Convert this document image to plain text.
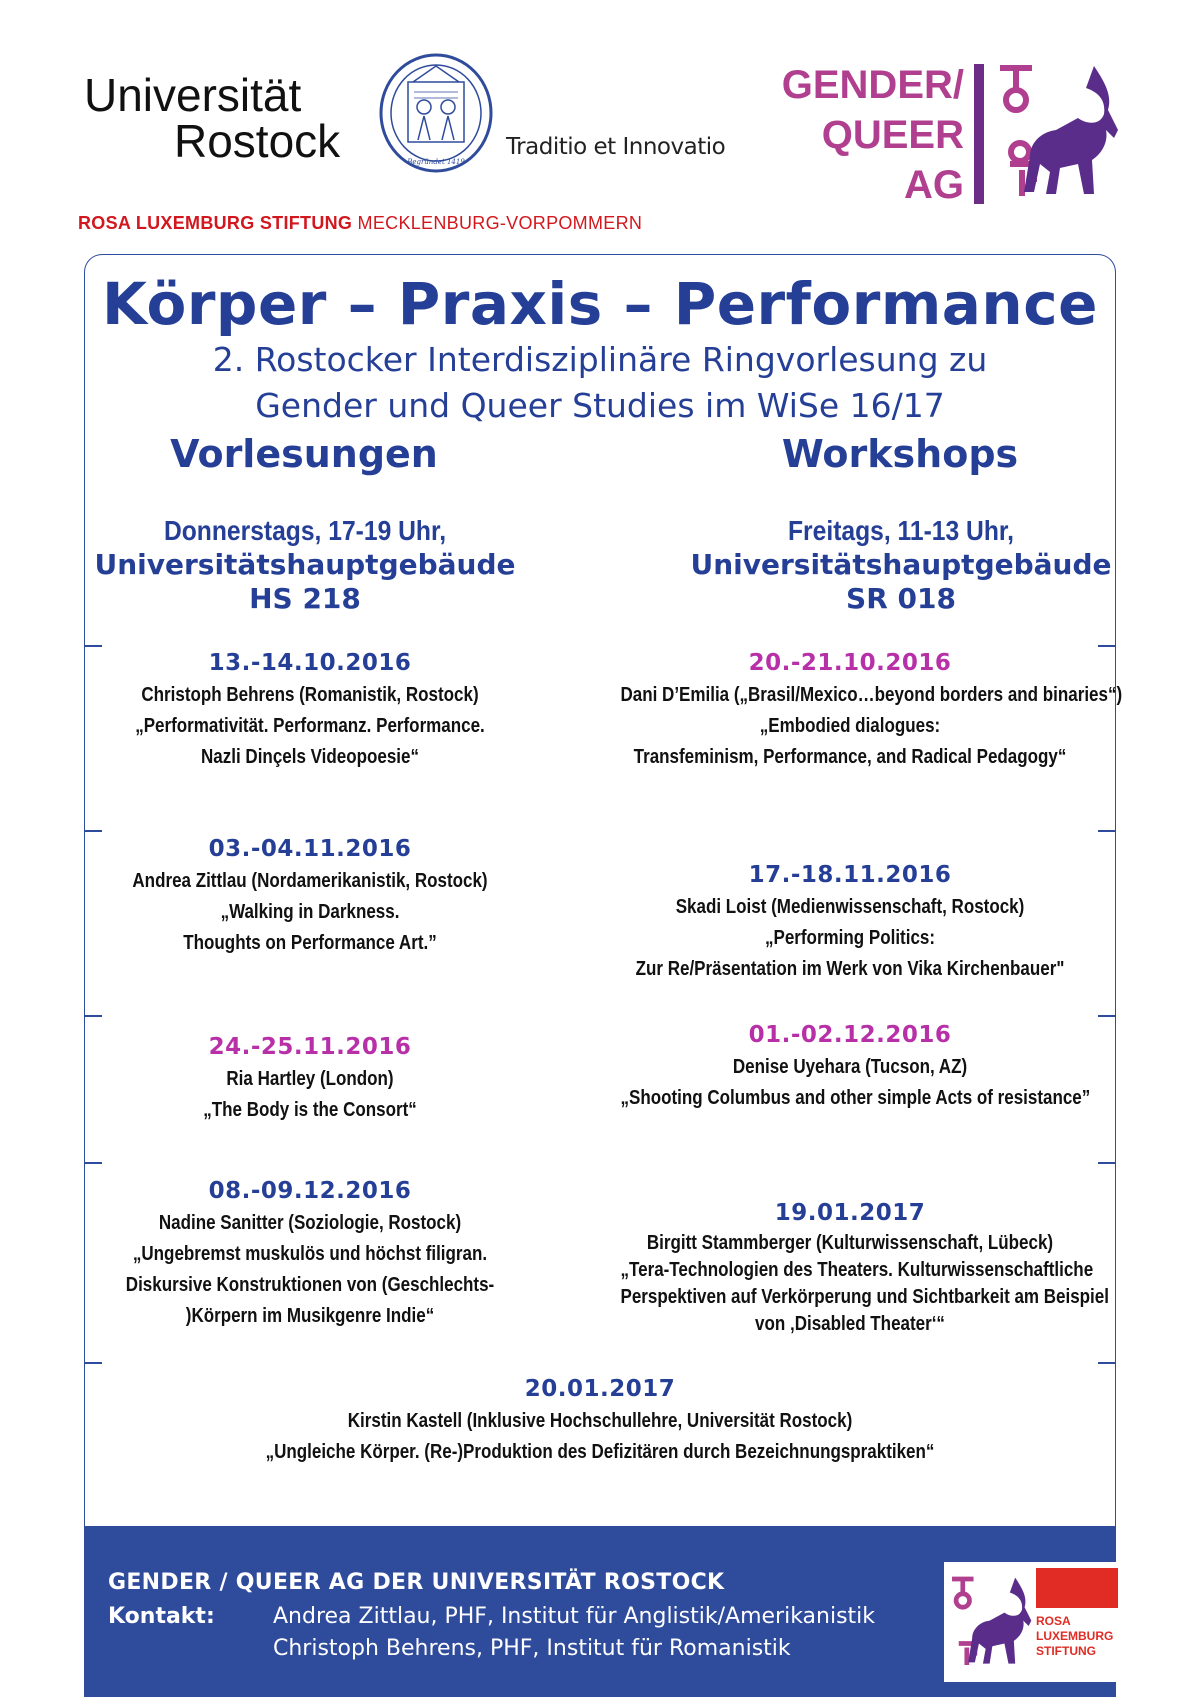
Universität
Rostock	Begründet 1419
Traditio et Innovatio
ROSA LUXEMBURG STIFTUNG MECKLENBURG-VORPOMMERN
GENDER/
QUEER
AG
Körper – Praxis – Performance
2. Rostocker Interdisziplinäre Ringvorlesung zu
Gender und Queer Studies im WiSe 16/17
Vorlesungen	Workshops
Donnerstags, 17-19 Uhr,
Universitätshauptgebäude
HS 218
Freitags, 11-13 Uhr,
Universitätshauptgebäude
SR 018
13.-14.10.2016
Christoph Behrens (Romanistik, Rostock)
„Performativität. Performanz. Performance.
Nazli Dinçels Videopoesie“
03.-04.11.2016
Andrea Zittlau (Nordamerikanistik, Rostock)
„Walking in Darkness.
Thoughts on Performance Art.”
24.-25.11.2016
Ria Hartley (London)
„The Body is the Consort“
08.-09.12.2016
Nadine Sanitter (Soziologie, Rostock)
„Ungebremst muskulös und höchst filigran.
Diskursive Konstruktionen von (Geschlechts-
)Körpern im Musikgenre Indie“
20.-21.10.2016
Dani D’Emilia („Brasil/Mexico…beyond borders and binaries“)
„Embodied dialogues:
Transfeminism, Performance, and Radical Pedagogy“
17.-18.11.2016
Skadi Loist (Medienwissenschaft, Rostock)
„Performing Politics:
Zur Re/Präsentation im Werk von Vika Kirchenbauer"
01.-02.12.2016
Denise Uyehara (Tucson, AZ)
„Shooting Columbus and other simple Acts of resistance”
19.01.2017
Birgitt Stammberger (Kulturwissenschaft, Lübeck)
„Tera-Technologien des Theaters. Kulturwissenschaftliche
Perspektiven auf Verkörperung und Sichtbarkeit am Beispiel
von ‚Disabled Theater‘“
20.01.2017
Kirstin Kastell (Inklusive Hochschullehre, Universität Rostock)
„Ungleiche Körper. (Re-)Produktion des Defizitären durch Bezeichnungspraktiken“
GENDER / QUEER AG DER UNIVERSITÄT ROSTOCK
Kontakt:	Andrea Zittlau, PHF, Institut für Anglistik/Amerikanistik
Christoph Behrens, PHF, Institut für Romanistik
ROSA
LUXEMBURG
STIFTUNG
